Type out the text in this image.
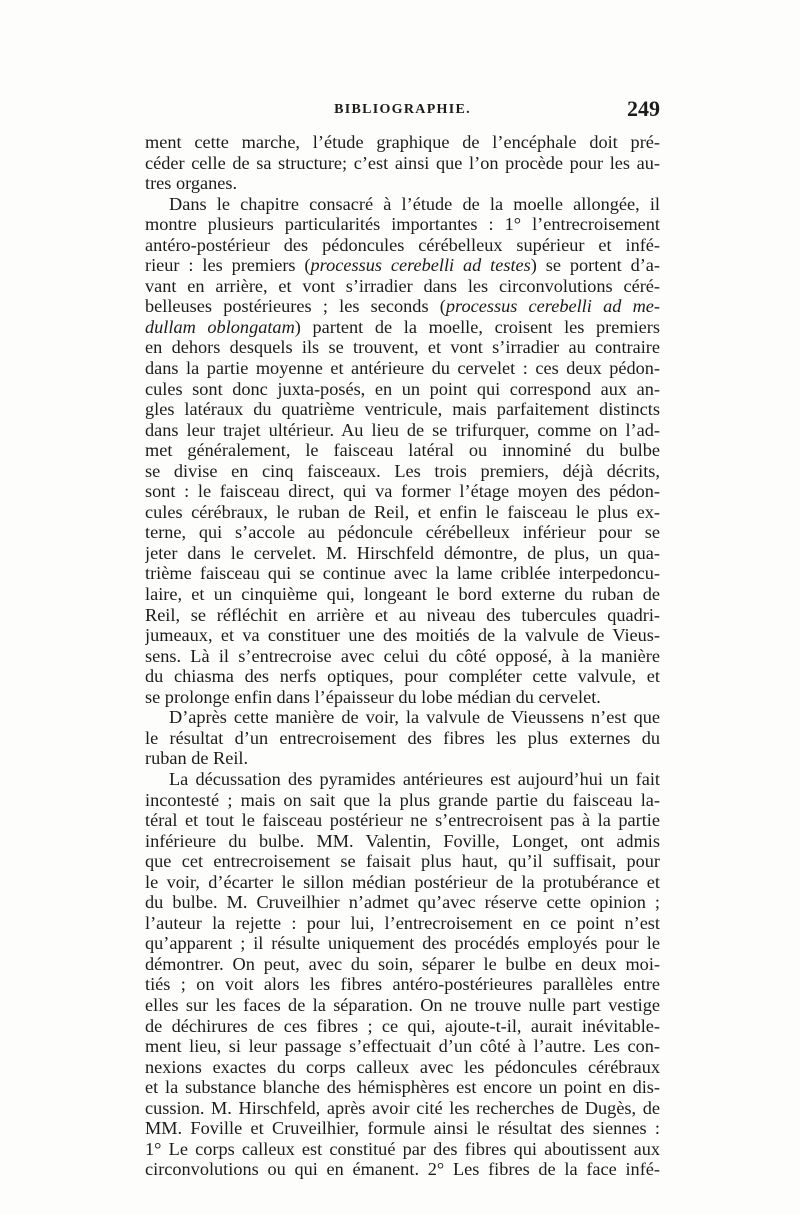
BIBLIOGRAPHIE.	249
ment cette marche, l’étude graphique de l’encéphale doit pré-
céder celle de sa structure; c’est ainsi que l’on procède pour les au-
tres organes.
Dans le chapitre consacré à l’étude de la moelle allongée, il
montre plusieurs particularités importantes : 1° l’entrecroisement
antéro-postérieur des pédoncules cérébelleux supérieur et infé-
rieur : les premiers (processus cerebelli ad testes) se portent d’a-
vant en arrière, et vont s’irradier dans les circonvolutions céré-
belleuses postérieures ; les seconds (processus cerebelli ad me-
dullam oblongatam) partent de la moelle, croisent les premiers
en dehors desquels ils se trouvent, et vont s’irradier au contraire
dans la partie moyenne et antérieure du cervelet : ces deux pédon-
cules sont donc juxta-posés, en un point qui correspond aux an-
gles latéraux du quatrième ventricule, mais parfaitement distincts
dans leur trajet ultérieur. Au lieu de se trifurquer, comme on l’ad-
met généralement, le faisceau latéral ou innominé du bulbe
se divise en cinq faisceaux. Les trois premiers, déjà décrits,
sont : le faisceau direct, qui va former l’étage moyen des pédon-
cules cérébraux, le ruban de Reil, et enfin le faisceau le plus ex-
terne, qui s’accole au pédoncule cérébelleux inférieur pour se
jeter dans le cervelet. M. Hirschfeld démontre, de plus, un qua-
trième faisceau qui se continue avec la lame criblée interpedoncu-
laire, et un cinquième qui, longeant le bord externe du ruban de
Reil, se réfléchit en arrière et au niveau des tubercules quadri-
jumeaux, et va constituer une des moitiés de la valvule de Vieus-
sens. Là il s’entrecroise avec celui du côté opposé, à la manière
du chiasma des nerfs optiques, pour compléter cette valvule, et
se prolonge enfin dans l’épaisseur du lobe médian du cervelet.
D’après cette manière de voir, la valvule de Vieussens n’est que
le résultat d’un entrecroisement des fibres les plus externes du
ruban de Reil.
La décussation des pyramides antérieures est aujourd’hui un fait
incontesté ; mais on sait que la plus grande partie du faisceau la-
téral et tout le faisceau postérieur ne s’entrecroisent pas à la partie
inférieure du bulbe. MM. Valentin, Foville, Longet, ont admis
que cet entrecroisement se faisait plus haut, qu’il suffisait, pour
le voir, d’écarter le sillon médian postérieur de la protubérance et
du bulbe. M. Cruveilhier n’admet qu’avec réserve cette opinion ;
l’auteur la rejette : pour lui, l’entrecroisement en ce point n’est
qu’apparent ; il résulte uniquement des procédés employés pour le
démontrer. On peut, avec du soin, séparer le bulbe en deux moi-
tiés ; on voit alors les fibres antéro-postérieures parallèles entre
elles sur les faces de la séparation. On ne trouve nulle part vestige
de déchirures de ces fibres ; ce qui, ajoute-t-il, aurait inévitable-
ment lieu, si leur passage s’effectuait d’un côté à l’autre. Les con-
nexions exactes du corps calleux avec les pédoncules cérébraux
et la substance blanche des hémisphères est encore un point en dis-
cussion. M. Hirschfeld, après avoir cité les recherches de Dugès, de
MM. Foville et Cruveilhier, formule ainsi le résultat des siennes :
1° Le corps calleux est constitué par des fibres qui aboutissent aux
circonvolutions ou qui en émanent. 2° Les fibres de la face infé-
